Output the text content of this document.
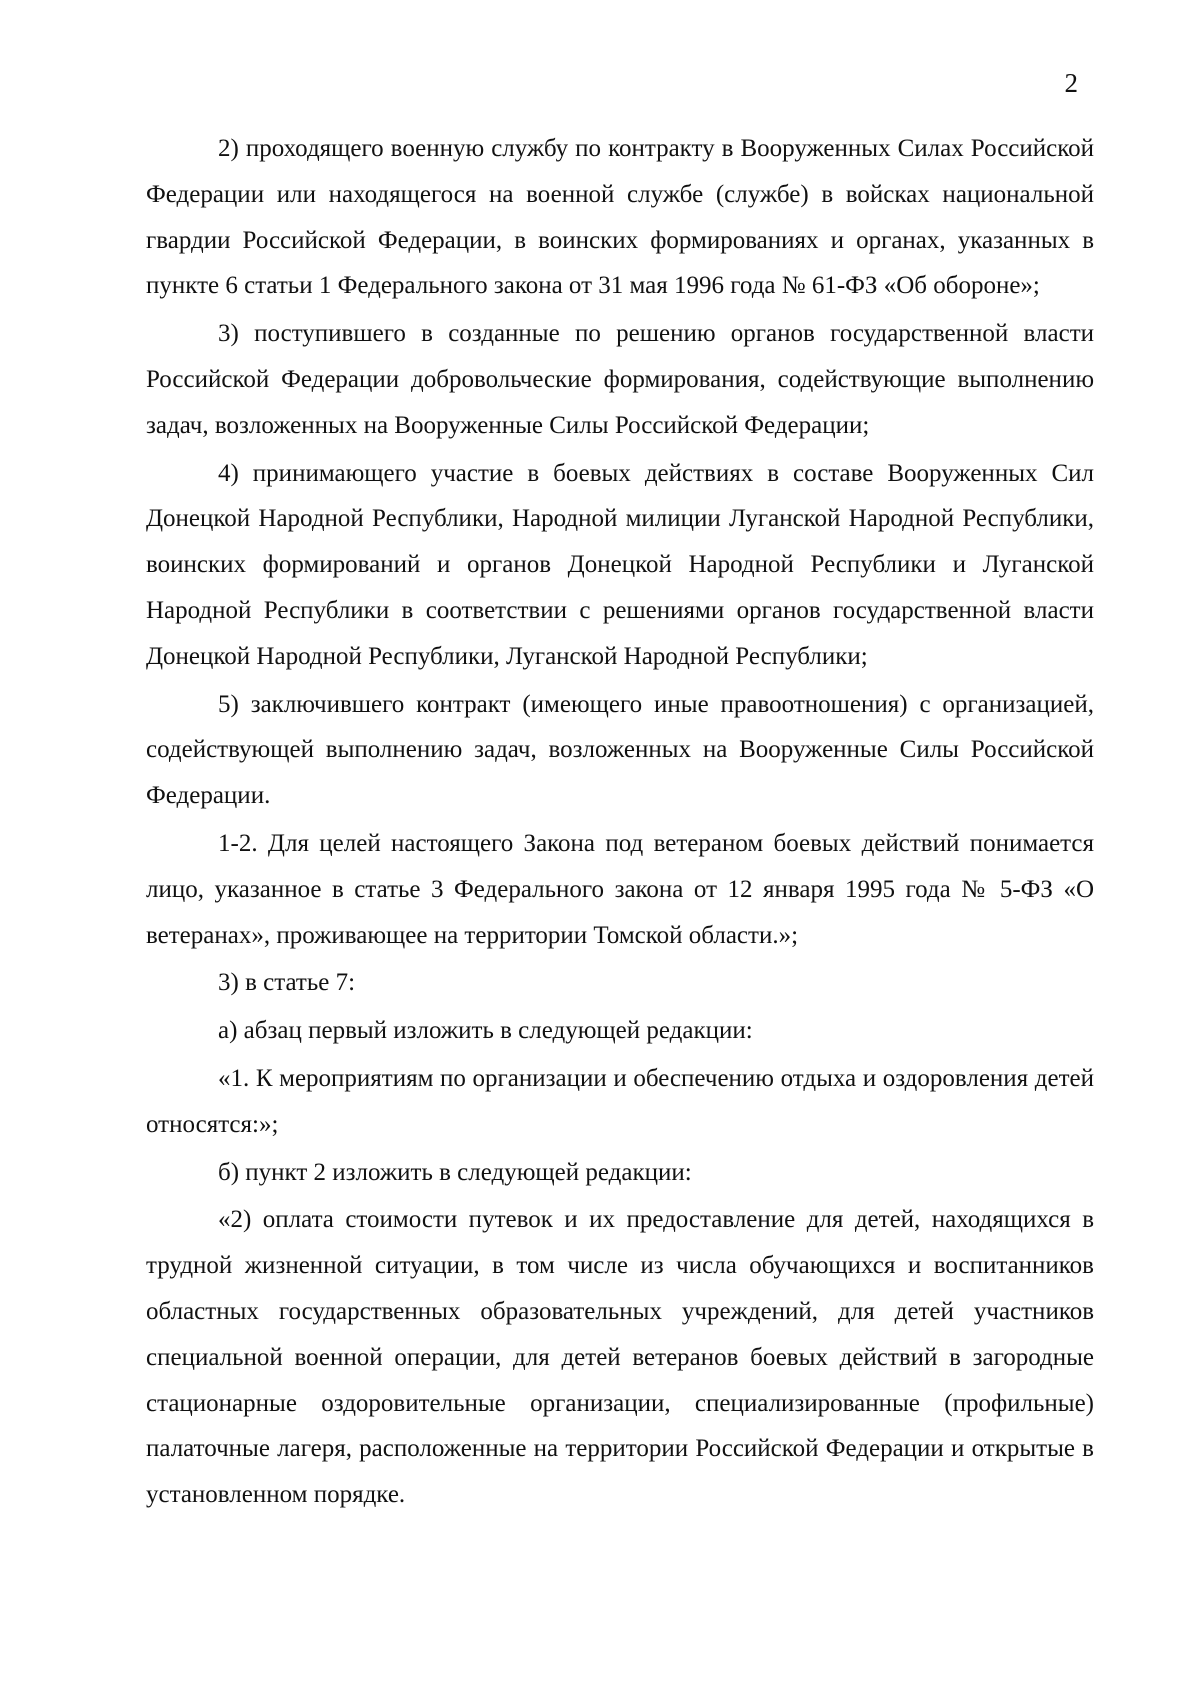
2

2) проходящего военную службу по контракту в Вооруженных Силах Российской Федерации или находящегося на военной службе (службе) в войсках национальной гвардии Российской Федерации, в воинских формированиях и органах, указанных в пункте 6 статьи 1 Федерального закона от 31 мая 1996 года № 61-ФЗ «Об обороне»;

3) поступившего в созданные по решению органов государственной власти Российской Федерации добровольческие формирования, содействующие выполнению задач, возложенных на Вооруженные Силы Российской Федерации;

4) принимающего участие в боевых действиях в составе Вооруженных Сил Донецкой Народной Республики, Народной милиции Луганской Народной Республики, воинских формирований и органов Донецкой Народной Республики и Луганской Народной Республики в соответствии с решениями органов государственной власти Донецкой Народной Республики, Луганской Народной Республики;

5) заключившего контракт (имеющего иные правоотношения) с организацией, содействующей выполнению задач, возложенных на Вооруженные Силы Российской Федерации.

1-2. Для целей настоящего Закона под ветераном боевых действий понимается лицо, указанное в статье 3 Федерального закона от 12 января 1995 года № 5-ФЗ «О ветеранах», проживающее на территории Томской области.»;

3) в статье 7:

а) абзац первый изложить в следующей редакции:

«1. К мероприятиям по организации и обеспечению отдыха и оздоровления детей относятся:»;

б) пункт 2 изложить в следующей редакции:

«2) оплата стоимости путевок и их предоставление для детей, находящихся в трудной жизненной ситуации, в том числе из числа обучающихся и воспитанников областных государственных образовательных учреждений, для детей участников специальной военной операции, для детей ветеранов боевых действий в загородные стационарные оздоровительные организации, специализированные (профильные) палаточные лагеря, расположенные на территории Российской Федерации и открытые в установленном порядке.
